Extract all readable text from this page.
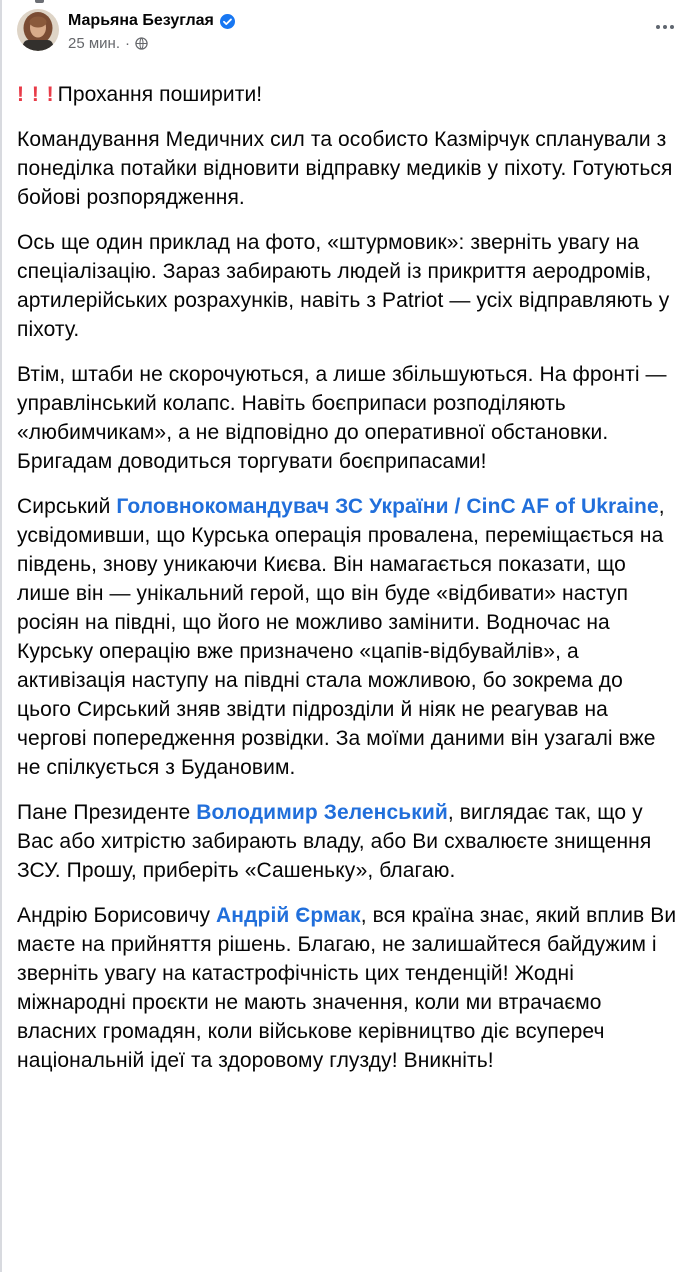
Марьяна Безуглая
25 мин. ·

! ! ! Прохання поширити!

Командування Медичних сил та особисто Казмірчук спланували з понеділка потайки відновити відправку медиків у піхоту. Готуються бойові розпорядження.

Ось ще один приклад на фото, «штурмовик»: зверніть увагу на спеціалізацію. Зараз забирають людей із прикриття аеродромів, артилерійських розрахунків, навіть з Patriot — усіх відправляють у піхоту.

Втім, штаби не скорочуються, а лише збільшуються. На фронті — управлінський колапс. Навіть боєприпаси розподіляють «любимчикам», а не відповідно до оперативної обстановки. Бригадам доводиться торгувати боєприпасами!

Сирський Головнокомандувач ЗС України / CinC AF of Ukraine, усвідомивши, що Курська операція провалена, переміщається на південь, знову уникаючи Києва. Він намагається показати, що лише він — унікальний герой, що він буде «відбивати» наступ росіян на півдні, що його не можливо замінити. Водночас на Курську операцію вже призначено «цапів-відбувайлів», а активізація наступу на півдні стала можливою, бо зокрема до цього Сирський зняв звідти підрозділи й ніяк не реагував на чергові попередження розвідки. За моїми даними він узагалі вже не спілкується з Будановим.

Пане Президенте Володимир Зеленський, виглядає так, що у Вас або хитрістю забирають владу, або Ви схвалюєте знищення ЗСУ. Прошу, приберіть «Сашеньку», благаю.

Андрію Борисовичу Андрій Єрмак, вся країна знає, який вплив Ви маєте на прийняття рішень. Благаю, не залишайтеся байдужим і зверніть увагу на катастрофічність цих тенденцій! Жодні міжнародні проєкти не мають значення, коли ми втрачаємо власних громадян, коли військове керівництво діє всупереч національній ідеї та здоровому глузду! Вникніть!
